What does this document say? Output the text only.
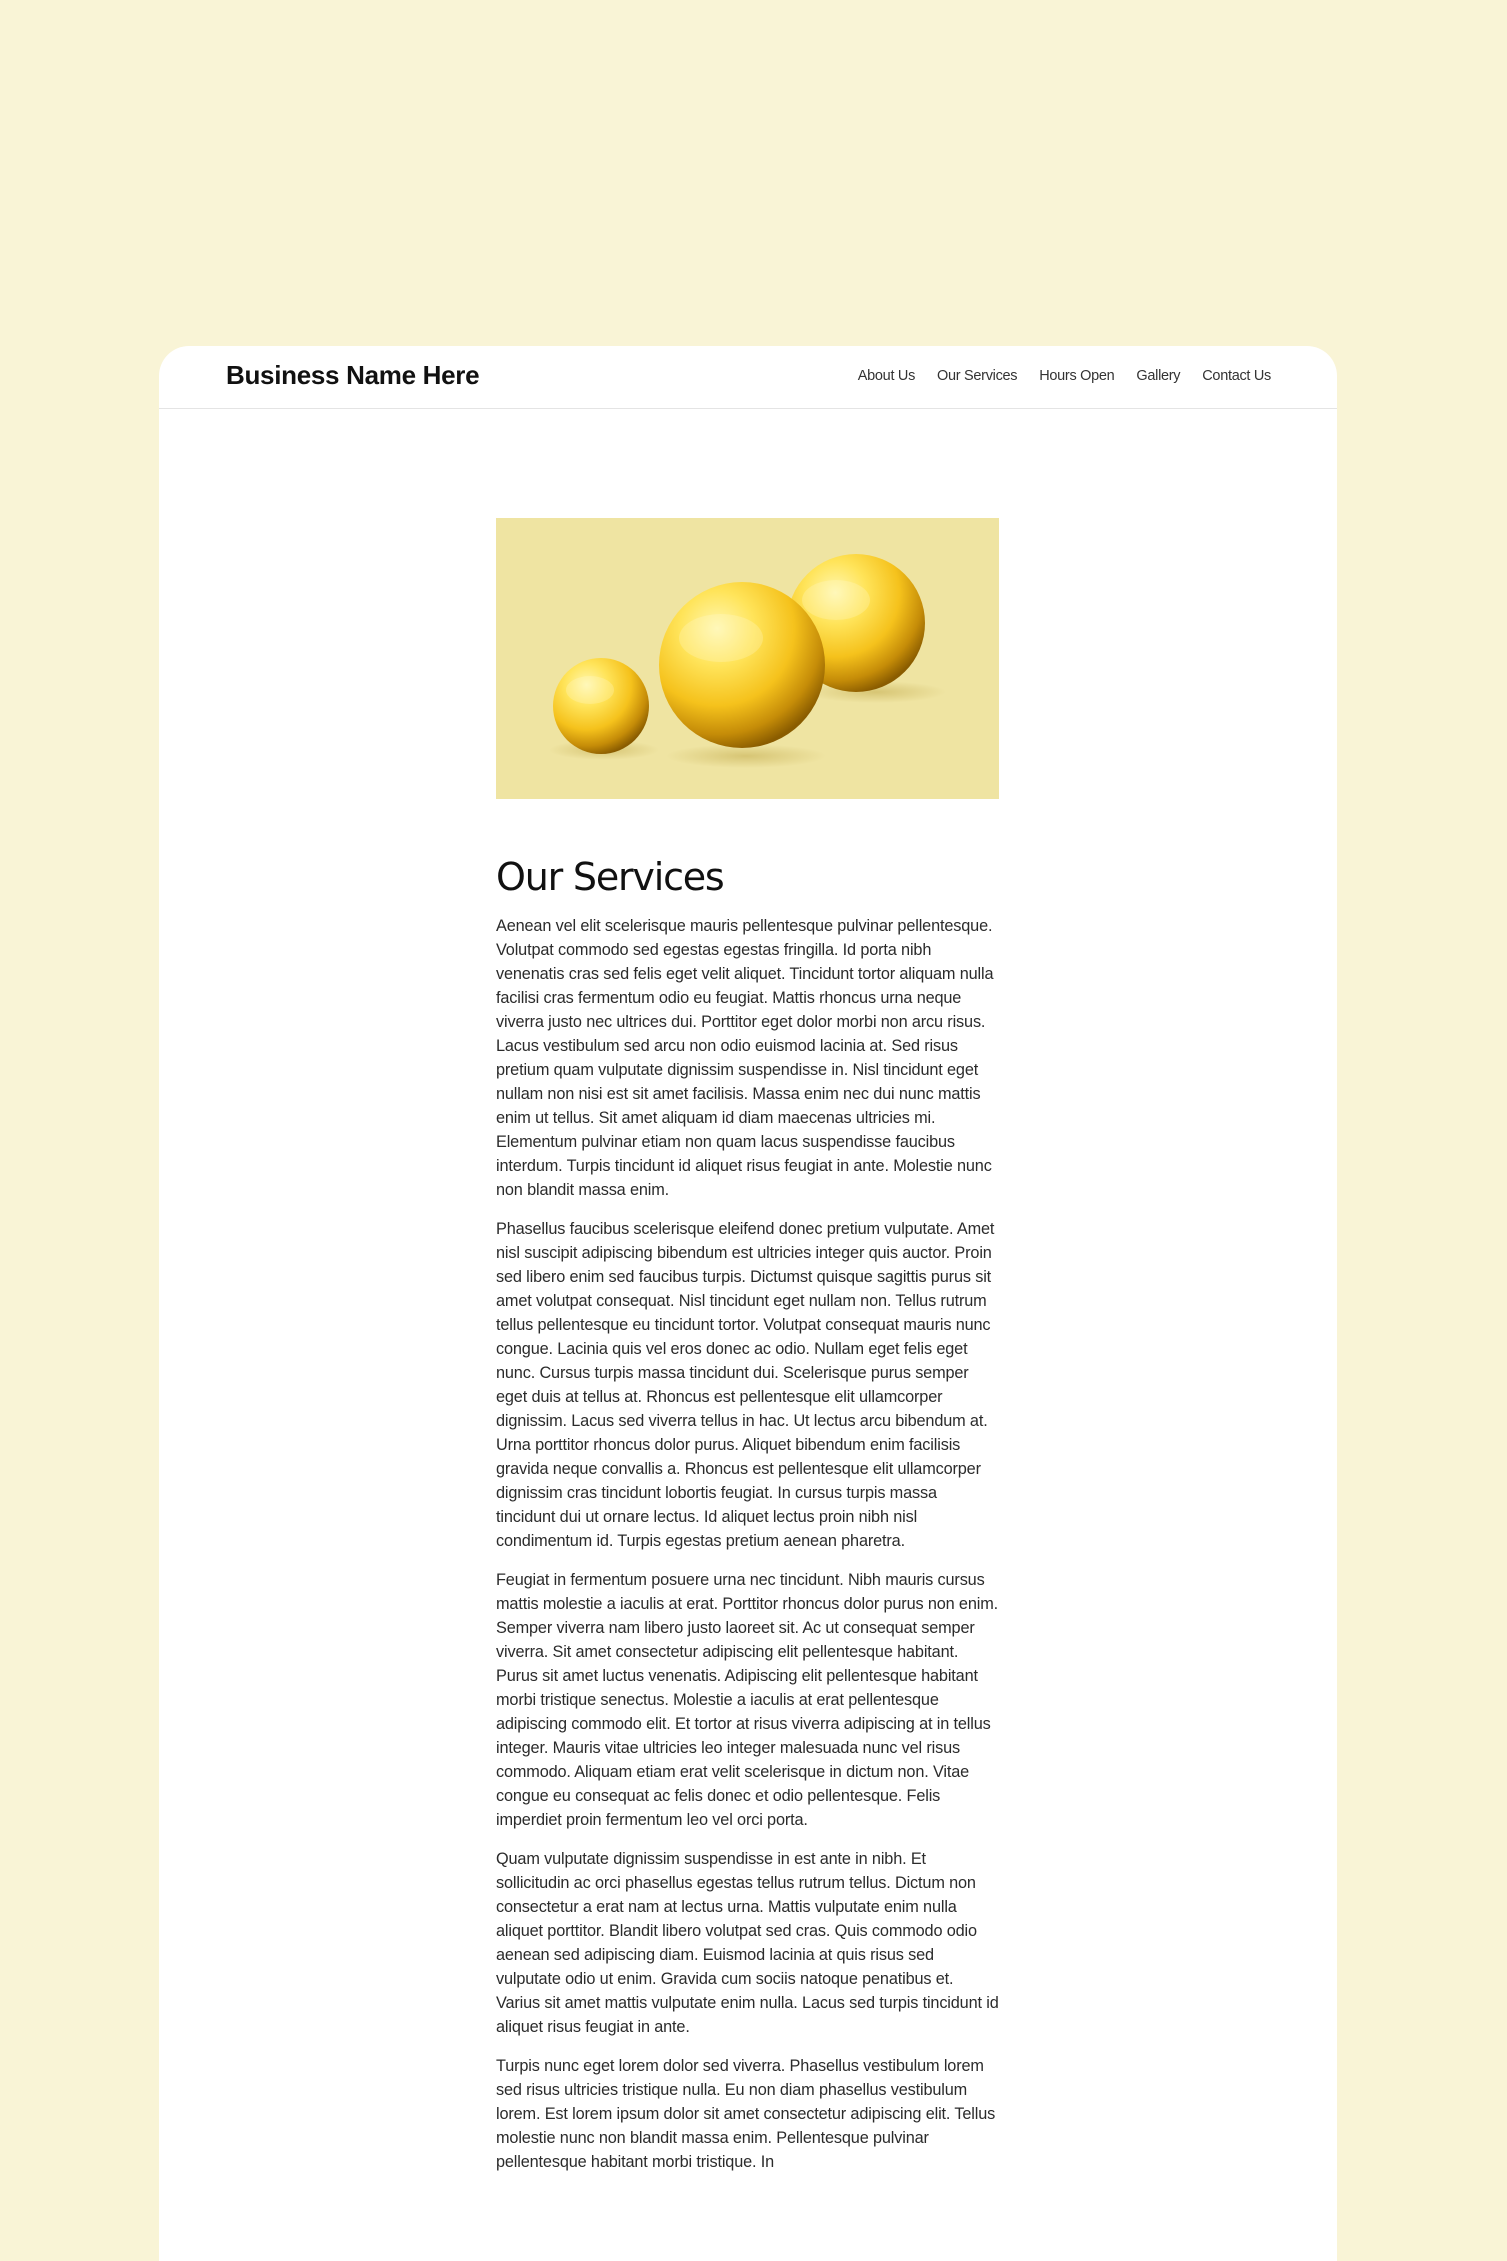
Business Name Here	About Us Our Services Hours Open Gallery Contact Us
Our Services

Aenean vel elit scelerisque mauris pellentesque pulvinar pellentesque. Volutpat commodo sed egestas egestas fringilla. Id porta nibh venenatis cras sed felis eget velit aliquet. Tincidunt tortor aliquam nulla facilisi cras fermentum odio eu feugiat. Mattis rhoncus urna neque viverra justo nec ultrices dui. Porttitor eget dolor morbi non arcu risus. Lacus vestibulum sed arcu non odio euismod lacinia at. Sed risus pretium quam vulputate dignissim suspendisse in. Nisl tincidunt eget nullam non nisi est sit amet facilisis. Massa enim nec dui nunc mattis enim ut tellus. Sit amet aliquam id diam maecenas ultricies mi. Elementum pulvinar etiam non quam lacus suspendisse faucibus interdum. Turpis tincidunt id aliquet risus feugiat in ante. Molestie nunc non blandit massa enim.

Phasellus faucibus scelerisque eleifend donec pretium vulputate. Amet nisl suscipit adipiscing bibendum est ultricies integer quis auctor. Proin sed libero enim sed faucibus turpis. Dictumst quisque sagittis purus sit amet volutpat consequat. Nisl tincidunt eget nullam non. Tellus rutrum tellus pellentesque eu tincidunt tortor. Volutpat consequat mauris nunc congue. Lacinia quis vel eros donec ac odio. Nullam eget felis eget nunc. Cursus turpis massa tincidunt dui. Scelerisque purus semper eget duis at tellus at. Rhoncus est pellentesque elit ullamcorper dignissim. Lacus sed viverra tellus in hac. Ut lectus arcu bibendum at. Urna porttitor rhoncus dolor purus. Aliquet bibendum enim facilisis gravida neque convallis a. Rhoncus est pellentesque elit ullamcorper dignissim cras tincidunt lobortis feugiat. In cursus turpis massa tincidunt dui ut ornare lectus. Id aliquet lectus proin nibh nisl condimentum id. Turpis egestas pretium aenean pharetra.

Feugiat in fermentum posuere urna nec tincidunt. Nibh mauris cursus mattis molestie a iaculis at erat. Porttitor rhoncus dolor purus non enim. Semper viverra nam libero justo laoreet sit. Ac ut consequat semper viverra. Sit amet consectetur adipiscing elit pellentesque habitant. Purus sit amet luctus venenatis. Adipiscing elit pellentesque habitant morbi tristique senectus. Molestie a iaculis at erat pellentesque adipiscing commodo elit. Et tortor at risus viverra adipiscing at in tellus integer. Mauris vitae ultricies leo integer malesuada nunc vel risus commodo. Aliquam etiam erat velit scelerisque in dictum non. Vitae congue eu consequat ac felis donec et odio pellentesque. Felis imperdiet proin fermentum leo vel orci porta.

Quam vulputate dignissim suspendisse in est ante in nibh. Et sollicitudin ac orci phasellus egestas tellus rutrum tellus. Dictum non consectetur a erat nam at lectus urna. Mattis vulputate enim nulla aliquet porttitor. Blandit libero volutpat sed cras. Quis commodo odio aenean sed adipiscing diam. Euismod lacinia at quis risus sed vulputate odio ut enim. Gravida cum sociis natoque penatibus et. Varius sit amet mattis vulputate enim nulla. Lacus sed turpis tincidunt id aliquet risus feugiat in ante.

Turpis nunc eget lorem dolor sed viverra. Phasellus vestibulum lorem sed risus ultricies tristique nulla. Eu non diam phasellus vestibulum lorem. Est lorem ipsum dolor sit amet consectetur adipiscing elit. Tellus molestie nunc non blandit massa enim. Pellentesque pulvinar pellentesque habitant morbi tristique. In
